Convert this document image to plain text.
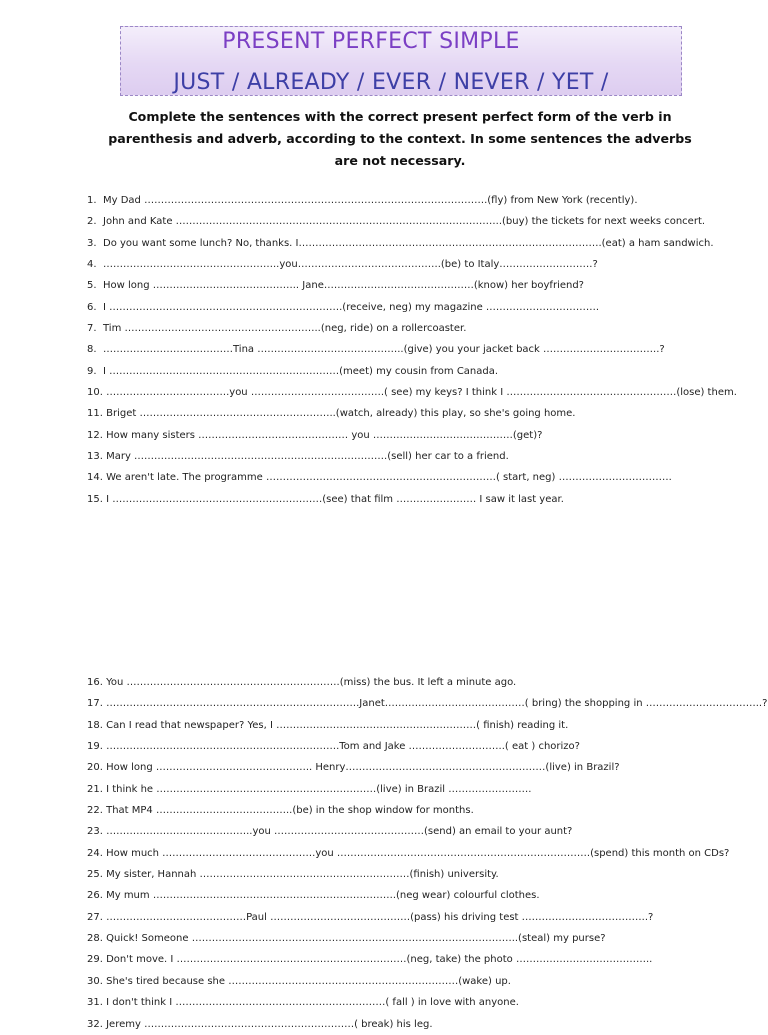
PRESENT PERFECT SIMPLE
JUST / ALREADY / EVER / NEVER / YET /
Complete the sentences with the correct present perfect form of the verb in parenthesis and adverb, according to the context. In some sentences the adverbs are not necessary.
1. My Dad ………………………………………………………………………………………….(fly) from New York (recently).
2. John and Kate ……………………………………………………………………………………..(buy) the tickets for next weeks concert.
3. Do you want some lunch? No, thanks. I……………………………………………………………………………….(eat) a ham sandwich.
4. ……………………………………………..you…………………………………….(be) to Italy……………………….?
5. How long …………………………………….. Jane………………………………………(know) her boyfriend?
6. I …………………………………………………………….(receive, neg) my magazine …………………………….
7. Tim …………………………………………………..(neg, ride) on a rollercoaster.
8. …………………………………Tina ……………………………………..(give) you your jacket back ……………………………..?
9. I ……………………………………………………………(meet) my cousin from Canada.
10. ……………………………….you ………………………………….( see) my keys? I think I ……………………………………………(lose) them.
11. Briget …………………………………………………..(watch, already) this play, so she's going home.
12. How many sisters ……………………………………… you ……………………………………(get)?
13. Mary ………………………………………………………………….(sell) her car to a friend.
14. We aren't late. The programme ……………………………………………………………( start, neg) …………………………….
15. I ………………………………………………………(see) that film …………………… I saw it last year.
16. You ……………………………………………………….(miss) the bus. It left a minute ago.
17. ………………………………………………………………….Janet……………………………………( bring) the shopping in ……………………………..?
18. Can I read that newspaper? Yes, I ……………………………………………………( finish) reading it.
19. …………………………………………………………….Tom and Jake ………………………..( eat ) chorizo?
20. How long ……………………………………….. Henry……………………………………………………(live) in Brazil?
21. I think he …………………………………………………………(live) in Brazil …………………….
22. That MP4 …………………………………..(be) in the shop window for months.
23. ……………………………………..you ………………………………………(send) an email to your aunt?
24. How much ……………………………………….you ………………………………………………………………….(spend) this month on CDs?
25. My sister, Hannah ………………………………………………………(finish) university.
26. My mum ……………………………………………………………….(neg wear) colourful clothes.
27. ……………………………………Paul ……………………………………(pass) his driving test ………………………………..?
28. Quick! Someone ……………………………………………………………………………………..(steal) my purse?
29. Don't move. I ……………………………………………………………(neg, take) the photo …………………………………..
30. She's tired because she ……………………………………………………………(wake) up.
31. I don't think I ………………………………………………………( fall ) in love with anyone.
32. Jeremy ………………………………………………………( break) his leg.
